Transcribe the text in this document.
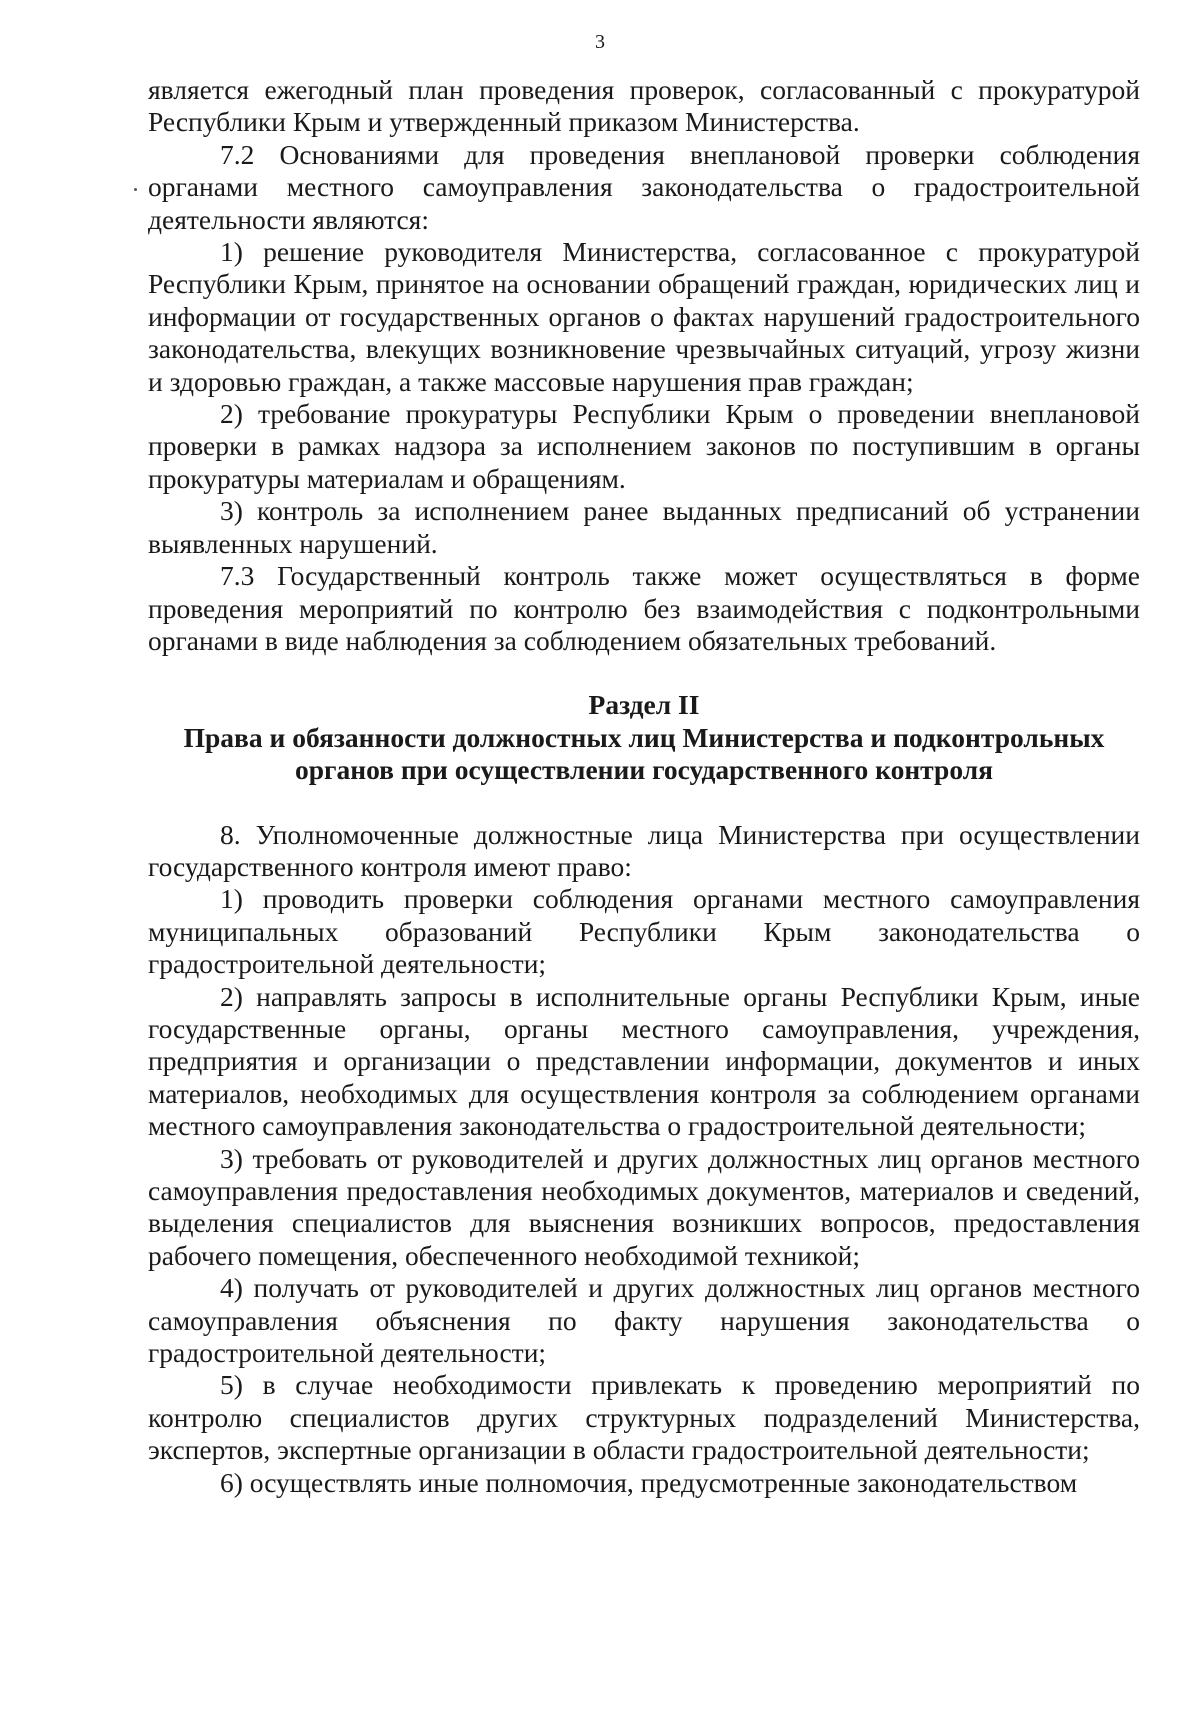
3

является ежегодный план проведения проверок, согласованный с прокуратурой Республики Крым и утвержденный приказом Министерства.

7.2 Основаниями для проведения внеплановой проверки соблюдения органами местного самоуправления законодательства о градостроительной деятельности являются:

1) решение руководителя Министерства, согласованное с прокуратурой Республики Крым, принятое на основании обращений граждан, юридических лиц и информации от государственных органов о фактах нарушений градостроительного законодательства, влекущих возникновение чрезвычайных ситуаций, угрозу жизни и здоровью граждан, а также массовые нарушения прав граждан;

2) требование прокуратуры Республики Крым о проведении внеплановой проверки в рамках надзора за исполнением законов по поступившим в органы прокуратуры материалам и обращениям.

3) контроль за исполнением ранее выданных предписаний об устранении выявленных нарушений.

7.3 Государственный контроль также может осуществляться в форме проведения мероприятий по контролю без взаимодействия с подконтрольными органами в виде наблюдения за соблюдением обязательных требований.

Раздел II

Права и обязанности должностных лиц Министерства и подконтрольных органов при осуществлении государственного контроля

8. Уполномоченные должностные лица Министерства при осуществлении государственного контроля имеют право:

1) проводить проверки соблюдения органами местного самоуправления муниципальных образований Республики Крым законодательства о градостроительной деятельности;

2) направлять запросы в исполнительные органы Республики Крым, иные государственные органы, органы местного самоуправления, учреждения, предприятия и организации о представлении информации, документов и иных материалов, необходимых для осуществления контроля за соблюдением органами местного самоуправления законодательства о градостроительной деятельности;

3) требовать от руководителей и других должностных лиц органов местного самоуправления предоставления необходимых документов, материалов и сведений, выделения специалистов для выяснения возникших вопросов, предоставления рабочего помещения, обеспеченного необходимой техникой;

4) получать от руководителей и других должностных лиц органов местного самоуправления объяснения по факту нарушения законодательства о градостроительной деятельности;

5) в случае необходимости привлекать к проведению мероприятий по контролю специалистов других структурных подразделений Министерства, экспертов, экспертные организации в области градостроительной деятельности;

6) осуществлять иные полномочия, предусмотренные законодательством
